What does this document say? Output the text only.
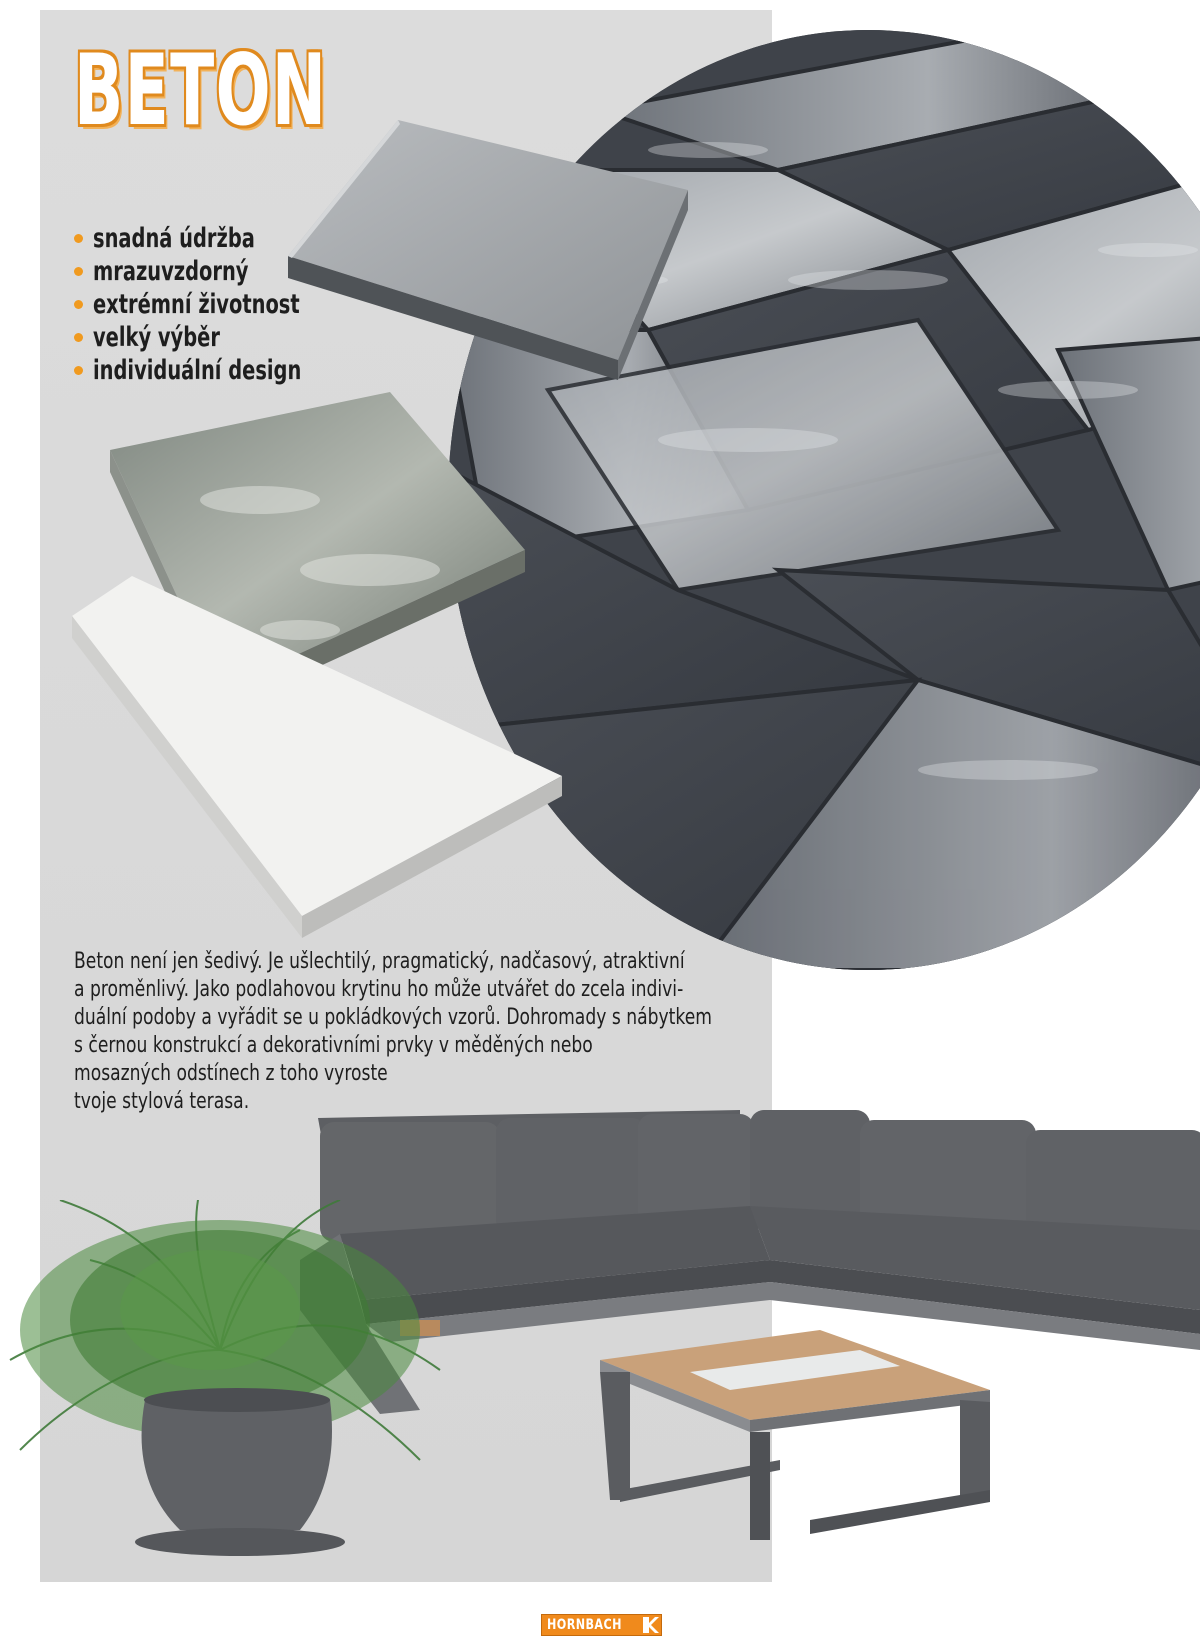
BETON
snadná údržba
mrazuvzdorný
extrémní životnost
velký výběr
individuální design
Beton není jen šedivý. Je ušlechtilý, pragmatický, nadčasový, atraktivní
a proměnlivý. Jako podlahovou krytinu ho může utvářet do zcela indivi-
duální podoby a vyřádit se u pokládkových vzorů. Dohromady s nábytkem
s černou konstrukcí a dekorativními prvky v měděných nebo
mosazných odstínech z toho vyroste
tvoje stylová terasa.
HORNBACH
